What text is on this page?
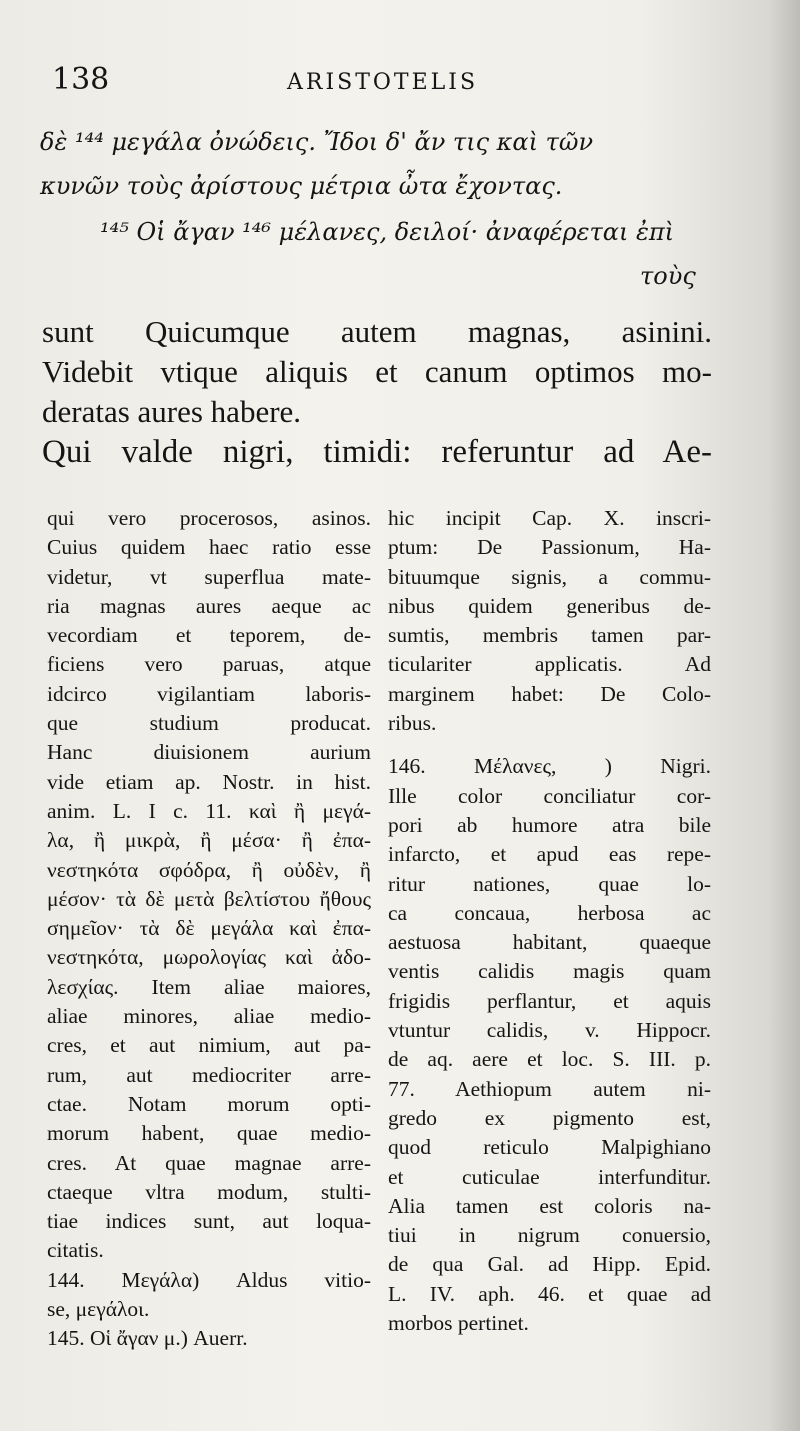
138	ARISTOTELIS
δὲ ¹⁴⁴ μεγάλα ὀνώδεις. Ἴδοι δ' ἄν τις καὶ τῶν
κυνῶν τοὺς ἀρίστους μέτρια ὦτα ἔχοντας.
¹⁴⁵ Οἱ ἄγαν ¹⁴⁶ μέλανες, δειλοί· ἀναφέρεται ἐπὶ
τοὺς
sunt Quicumque autem magnas, asinini.
Videbit vtique aliquis et canum optimos mo-
deratas aures habere.
Qui valde nigri, timidi: referuntur ad Ae-
qui vero procerosos, asinos.
Cuius quidem haec ratio esse
videtur, vt superflua mate-
ria magnas aures aeque ac
vecordiam et teporem, de-
ficiens vero paruas, atque
idcirco vigilantiam laboris-
que studium producat.
Hanc diuisionem aurium
vide etiam ap. Nostr. in hist.
anim. L. I c. 11. καὶ ἢ μεγά-
λα, ἢ μικρὰ, ἢ μέσα· ἢ ἐπα-
νεστηκότα σφόδρα, ἢ οὐδὲν, ἢ
μέσον· τὰ δὲ μετὰ βελτίστου ἤθους
σημεῖον· τὰ δὲ μεγάλα καὶ ἐπα-
νεστηκότα, μωρολογίας καὶ ἀδο-
λεσχίας. Item aliae maiores,
aliae minores, aliae medio-
cres, et aut nimium, aut pa-
rum, aut mediocriter arre-
ctae. Notam morum opti-
morum habent, quae medio-
cres. At quae magnae arre-
ctaeque vltra modum, stulti-
tiae indices sunt, aut loqua-
citatis.
144. Μεγάλα) Aldus vitio-
se, μεγάλοι.
145. Οἱ ἄγαν μ.) Auerr.
hic incipit Cap. X. inscri-
ptum: De Passionum, Ha-
bituumque signis, a commu-
nibus quidem generibus de-
sumtis, membris tamen par-
ticulariter applicatis. Ad
marginem habet: De Colo-
ribus.
146. Μέλανες, ) Nigri.
Ille color conciliatur cor-
pori ab humore atra bile
infarcto, et apud eas repe-
ritur nationes, quae lo-
ca concaua, herbosa ac
aestuosa habitant, quaeque
ventis calidis magis quam
frigidis perflantur, et aquis
vtuntur calidis, v. Hippocr.
de aq. aere et loc. S. III. p.
77. Aethiopum autem ni-
gredo ex pigmento est,
quod reticulo Malpighiano
et cuticulae interfunditur.
Alia tamen est coloris na-
tiui in nigrum conuersio,
de qua Gal. ad Hipp. Epid.
L. IV. aph. 46. et quae ad
morbos pertinet.
